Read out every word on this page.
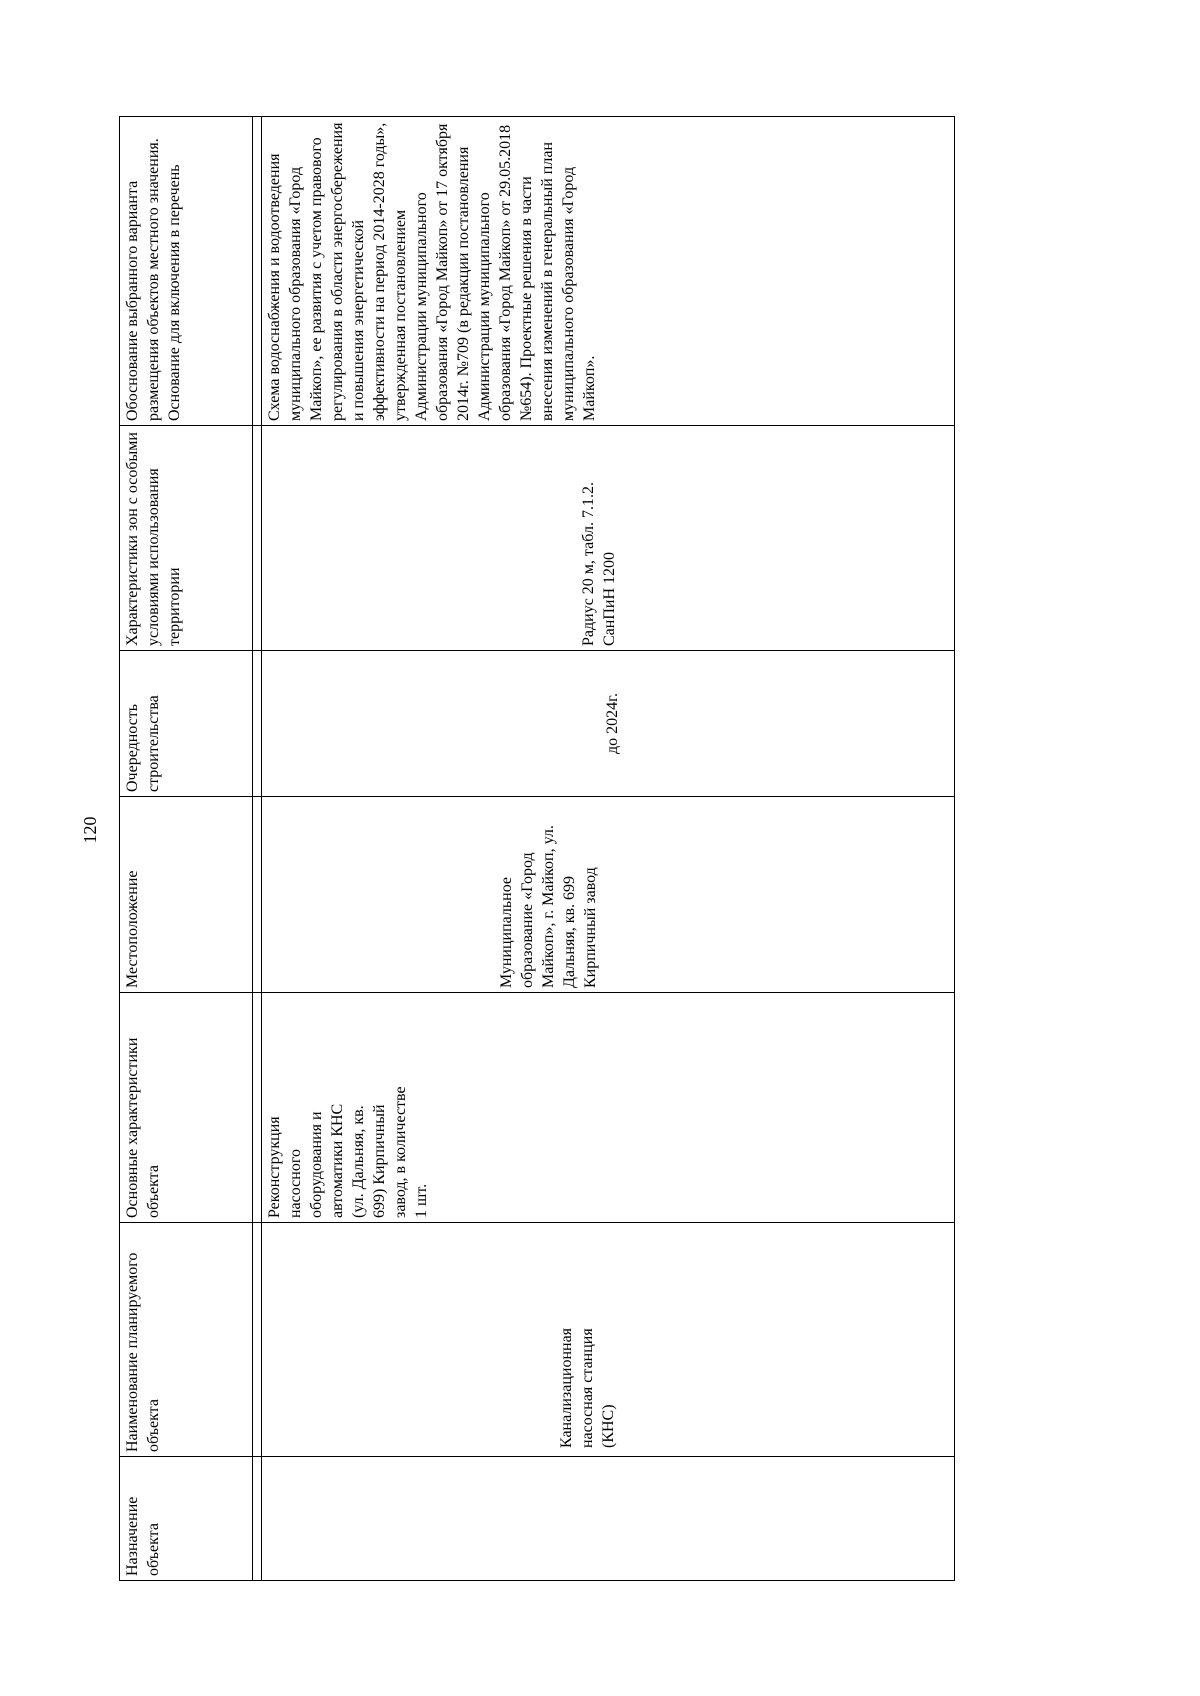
120
Назначение объекта	Наименование планируемого объекта	Основные характеристики объекта	Местоположение	Очередность строительства	Характеристики зон с особыми условиями использования территории	Обоснование выбранного варианта размещения объектов местного значения. Основание для включения в перечень

	Канализационная насосная станция (КНС)	Реконструкция насосного оборудования и автоматики КНС (ул. Дальняя, кв. 699) Кирпичный завод, в количестве 1 шт.	Муниципальное образование «Город Майкоп», г. Майкоп, ул. Дальняя, кв. 699 Кирпичный завод	до 2024г.	Радиус 20 м, табл. 7.1.2. СанПиН 1200	Схема водоснабжения и водоотведения муниципального образования «Город Майкоп», ее развития с учетом правового регулирования в области энергосбережения и повышения энергетической эффективности на период 2014-2028 годы», утвержденная постановлением Администрации муниципального образования «Город Майкоп» от 17 октября 2014г. №709 (в редакции постановления Администрации муниципального образования «Город Майкоп» от 29.05.2018 №654). Проектные решения в части внесения изменений в генеральный план муниципального образования «Город Майкоп».
